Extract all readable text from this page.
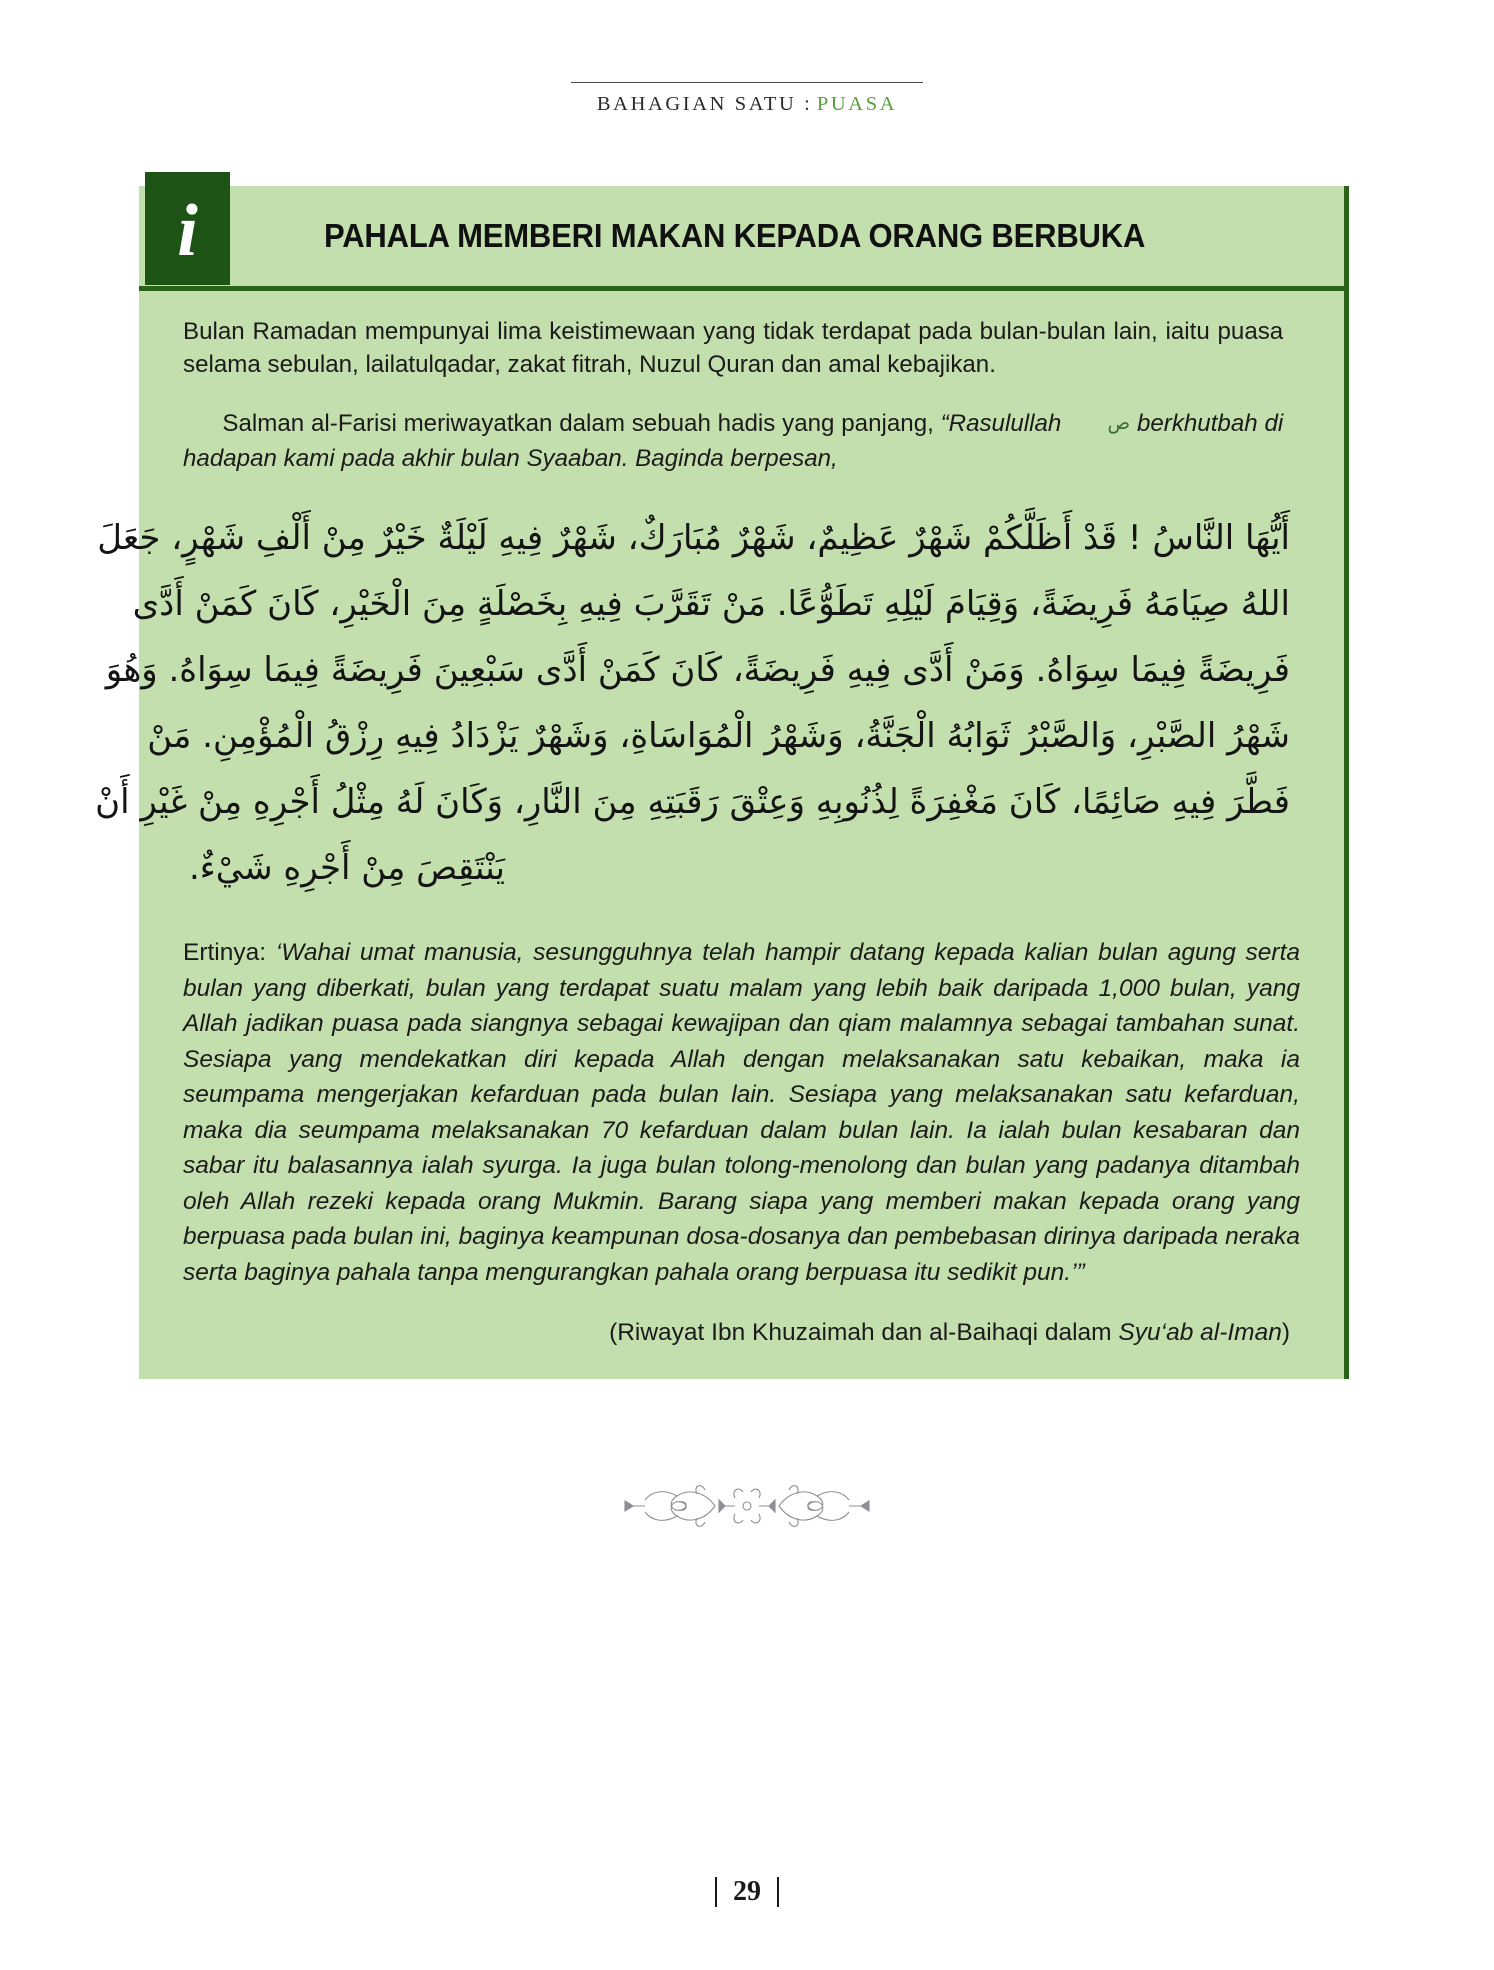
BAHAGIAN SATU : PUASA
i	PAHALA MEMBERI MAKAN KEPADA ORANG BERBUKA

Bulan Ramadan mempunyai lima keistimewaan yang tidak terdapat pada bulan-bulan lain, iaitu puasa selama sebulan, lailatulqadar, zakat fitrah, Nuzul Quran dan amal kebajikan.

Salman al-Farisi meriwayatkan dalam sebuah hadis yang panjang, “Rasulullah ص berkhutbah di hadapan kami pada akhir bulan Syaaban. Baginda berpesan,

أَيُّهَا النَّاسُ ! قَدْ أَظَلَّكُمْ شَهْرٌ عَظِيمٌ، شَهْرٌ مُبَارَكٌ، شَهْرٌ فِيهِ لَيْلَةٌ خَيْرٌ مِنْ أَلْفِ شَهْرٍ، جَعَلَ
اللهُ صِيَامَهُ فَرِيضَةً، وَقِيَامَ لَيْلِهِ تَطَوُّعًا. مَنْ تَقَرَّبَ فِيهِ بِخَصْلَةٍ مِنَ الْخَيْرِ، كَانَ كَمَنْ أَدَّى
فَرِيضَةً فِيمَا سِوَاهُ. وَمَنْ أَدَّى فِيهِ فَرِيضَةً، كَانَ كَمَنْ أَدَّى سَبْعِينَ فَرِيضَةً فِيمَا سِوَاهُ. وَهُوَ
شَهْرُ الصَّبْرِ، وَالصَّبْرُ ثَوَابُهُ الْجَنَّةُ، وَشَهْرُ الْمُوَاسَاةِ، وَشَهْرٌ يَزْدَادُ فِيهِ رِزْقُ الْمُؤْمِنِ. مَنْ
فَطَّرَ فِيهِ صَائِمًا، كَانَ مَغْفِرَةً لِذُنُوبِهِ وَعِتْقَ رَقَبَتِهِ مِنَ النَّارِ، وَكَانَ لَهُ مِثْلُ أَجْرِهِ مِنْ غَيْرِ أَنْ
يَنْتَقِصَ مِنْ أَجْرِهِ شَيْءٌ.
Ertinya: ‘Wahai umat manusia, sesungguhnya telah hampir datang kepada kalian bulan agung serta bulan yang diberkati, bulan yang terdapat suatu malam yang lebih baik daripada 1,000 bulan, yang Allah jadikan puasa pada siangnya sebagai kewajipan dan qiam malamnya sebagai tambahan sunat. Sesiapa yang mendekatkan diri kepada Allah dengan melaksanakan satu kebaikan, maka ia seumpama mengerjakan kefarduan pada bulan lain. Sesiapa yang melaksanakan satu kefarduan, maka dia seumpama melaksanakan 70 kefarduan dalam bulan lain. Ia ialah bulan kesabaran dan sabar itu balasannya ialah syurga. Ia juga bulan tolong-menolong dan bulan yang padanya ditambah oleh Allah rezeki kepada orang Mukmin. Barang siapa yang memberi makan kepada orang yang berpuasa pada bulan ini, baginya keampunan dosa-dosanya dan pembebasan dirinya daripada neraka serta baginya pahala tanpa mengurangkan pahala orang berpuasa itu sedikit pun.’”
(Riwayat Ibn Khuzaimah dan al-Baihaqi dalam Syu‘ab al-Iman)
29
